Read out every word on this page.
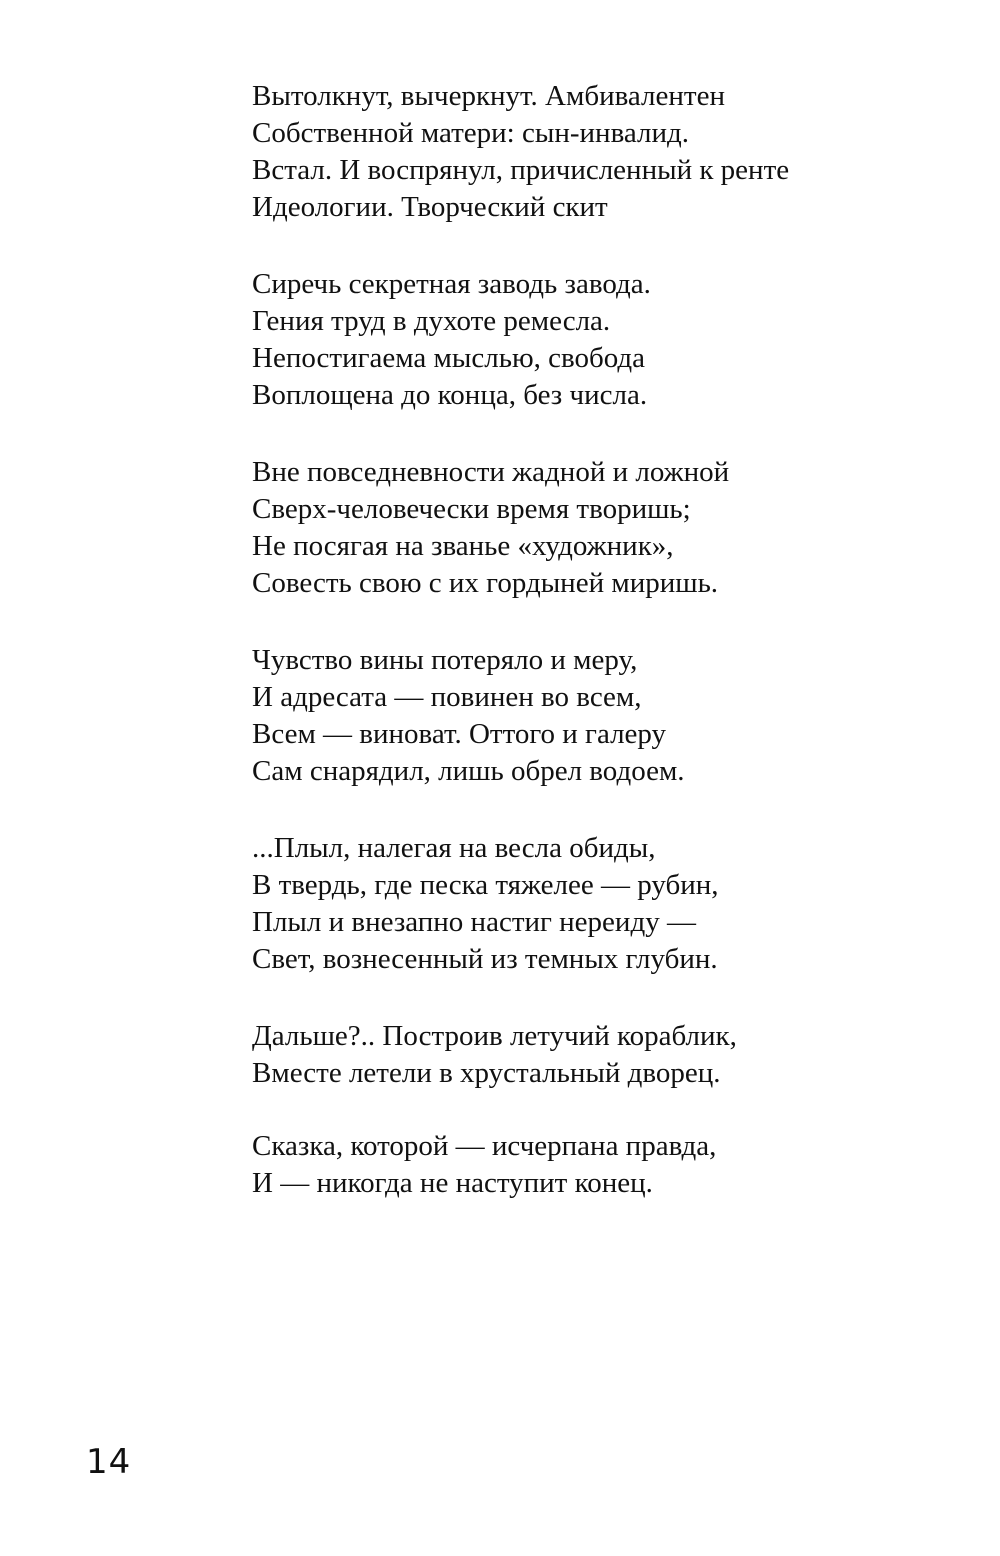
Вытолкнут, вычеркнут. Амбивалентен
Собственной матери: сын-инвалид.
Встал. И воспрянул, причисленный к ренте
Идеологии. Творческий скит
Сиречь секретная заводь завода.
Гения труд в духоте ремесла.
Непостигаема мыслью, свобода
Воплощена до конца, без числа.
Вне повседневности жадной и ложной
Сверх-человечески время творишь;
Не посягая на званье «художник»,
Совесть свою с их гордыней миришь.
Чувство вины потеряло и меру,
И адресата — повинен во всем,
Всем — виноват. Оттого и галеру
Сам снарядил, лишь обрел водоем.
...Плыл, налегая на весла обиды,
В твердь, где песка тяжелее — рубин,
Плыл и внезапно настиг нереиду —
Свет, вознесенный из темных глубин.
Дальше?.. Построив летучий кораблик,
Вместе летели в хрустальный дворец.
Сказка, которой — исчерпана правда,
И — никогда не наступит конец.
14
